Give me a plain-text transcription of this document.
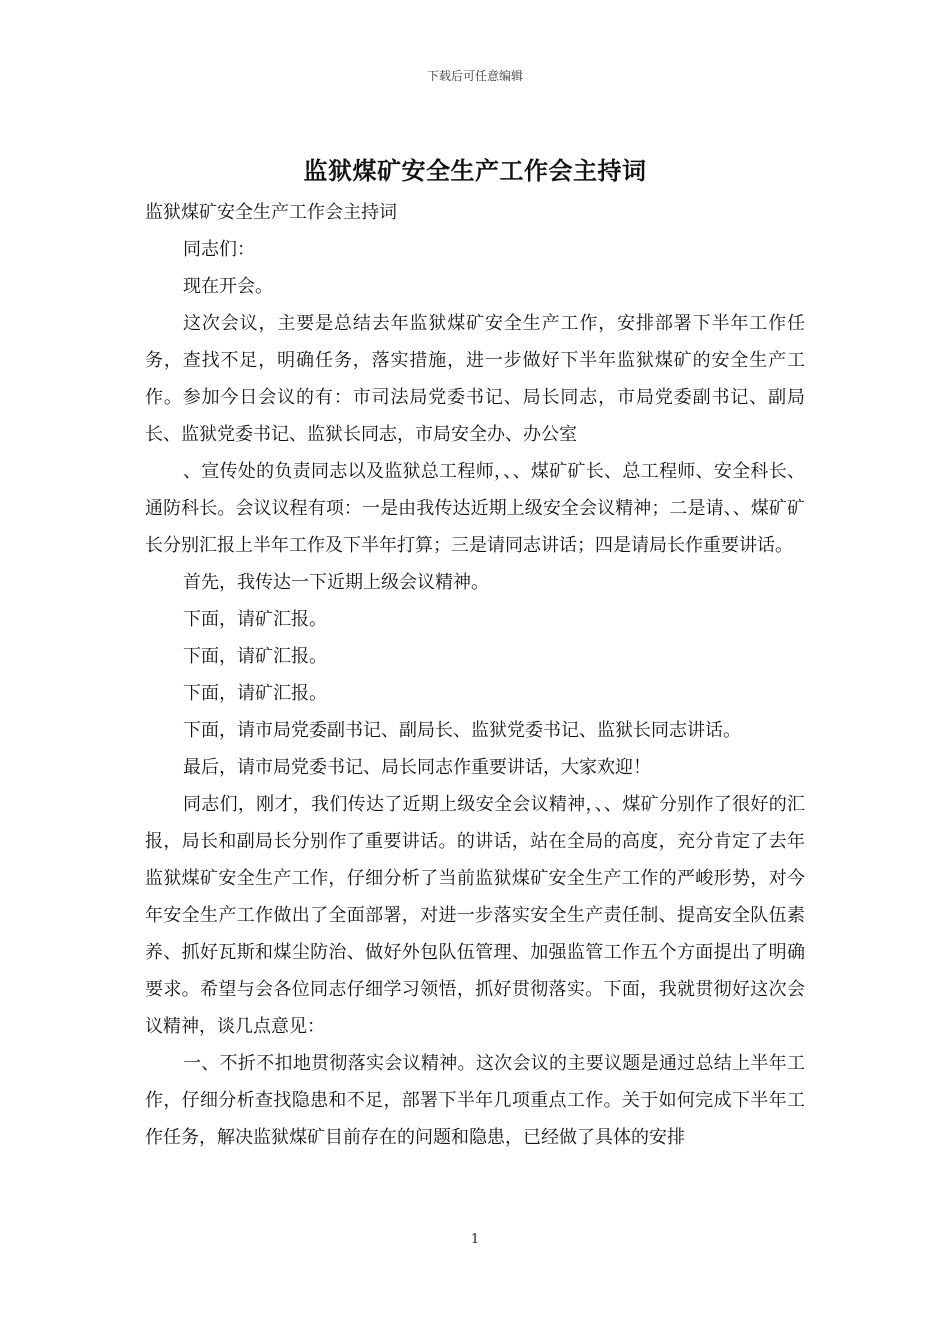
下载后可任意编辑
监狱煤矿安全生产工作会主持词

监狱煤矿安全生产工作会主持词

同志们：

现在开会。

这次会议，主要是总结去年监狱煤矿安全生产工作，安排部署下半年工作任务，查找不足，明确任务，落实措施，进一步做好下半年监狱煤矿的安全生产工作。参加今日会议的有：市司法局党委书记、局长同志，市局党委副书记、副局长、监狱党委书记、监狱长同志，市局安全办、办公室

、宣传处的负责同志以及监狱总工程师，、、煤矿矿长、总工程师、安全科长、通防科长。会议议程有项：一是由我传达近期上级安全会议精神；二是请、、煤矿矿长分别汇报上半年工作及下半年打算；三是请同志讲话；四是请局长作重要讲话。

首先，我传达一下近期上级会议精神。

下面，请矿汇报。

下面，请矿汇报。

下面，请矿汇报。

下面，请市局党委副书记、副局长、监狱党委书记、监狱长同志讲话。

最后，请市局党委书记、局长同志作重要讲话，大家欢迎！

同志们，刚才，我们传达了近期上级安全会议精神，、、煤矿分别作了很好的汇报，局长和副局长分别作了重要讲话。的讲话，站在全局的高度，充分肯定了去年监狱煤矿安全生产工作，仔细分析了当前监狱煤矿安全生产工作的严峻形势，对今年安全生产工作做出了全面部署，对进一步落实安全生产责任制、提高安全队伍素养、抓好瓦斯和煤尘防治、做好外包队伍管理、加强监管工作五个方面提出了明确要求。希望与会各位同志仔细学习领悟，抓好贯彻落实。下面，我就贯彻好这次会议精神，谈几点意见：

一、不折不扣地贯彻落实会议精神。这次会议的主要议题是通过总结上半年工作，仔细分析查找隐患和不足，部署下半年几项重点工作。关于如何完成下半年工作任务，解决监狱煤矿目前存在的问题和隐患，已经做了具体的安排

1
